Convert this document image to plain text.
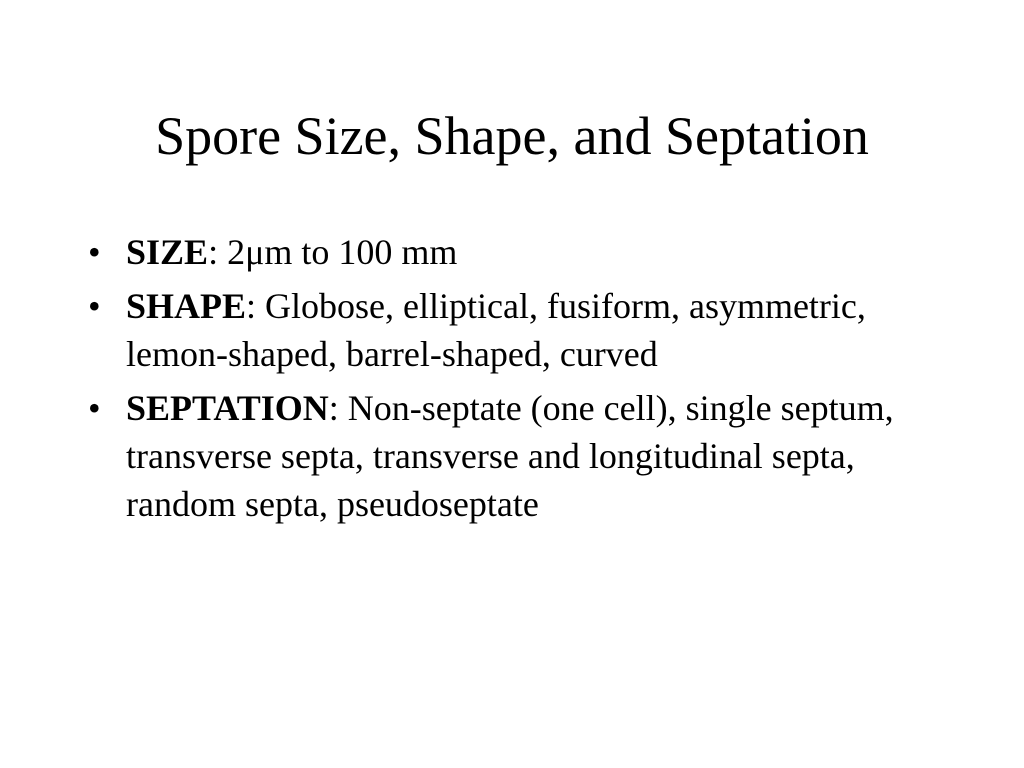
Spore Size, Shape, and Septation
• SIZE: 2μm to 100 mm
• SHAPE: Globose, elliptical, fusiform, asymmetric, lemon-shaped, barrel-shaped, curved
• SEPTATION: Non-septate (one cell), single septum, transverse septa, transverse and longitudinal septa, random septa, pseudoseptate
